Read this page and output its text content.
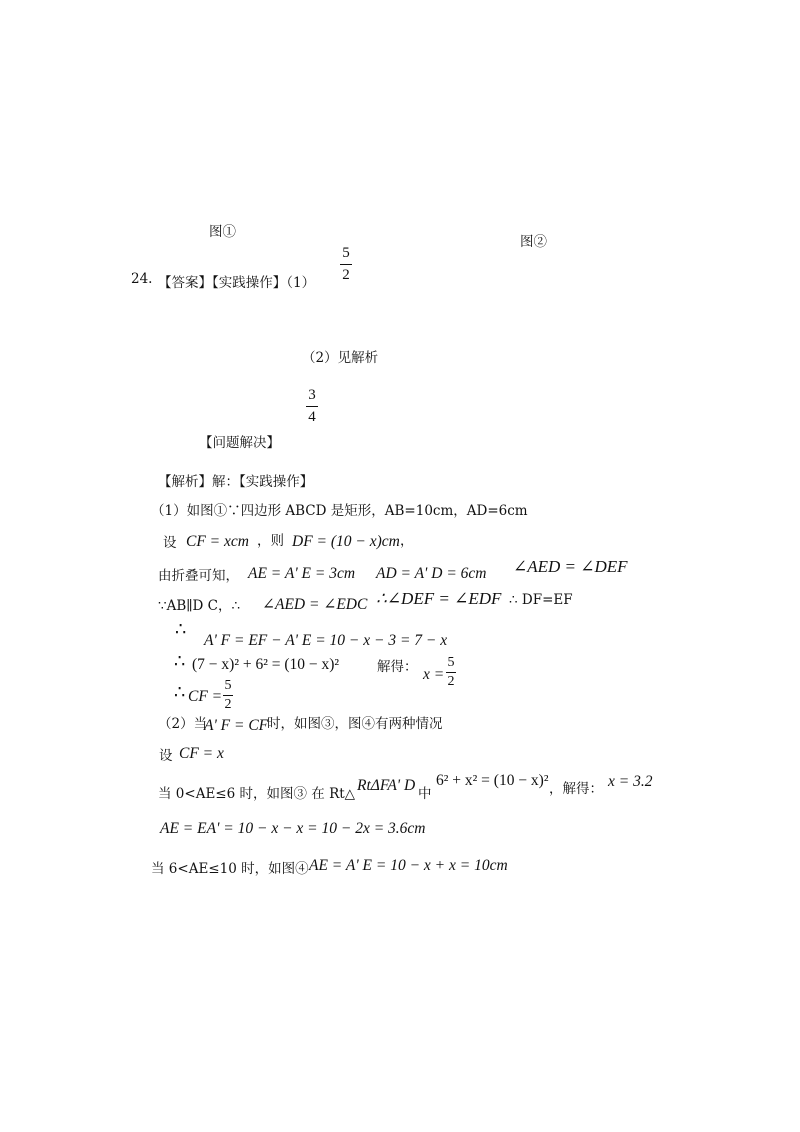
图①
图②
24. 【答案】【实践操作】（1）
5
2
（2）见解析
3
4
【问题解决】
【解析】解：【实践操作】
（1）如图①∵四边形 ABCD 是矩形，AB=10cm，AD=6cm
设 CF = xcm ，则 DF = (10 − x)cm ，
由折叠可知， AE = A' E = 3cm AD = A' D = 6cm ∠AED = ∠DEF
∵AB∥D C，∴ ∠AED = ∠EDC ∴∠DEF = ∠EDF ∴ DF=EF
∴
A' F = EF − A' E = 10 − x − 3 = 7 − x
∴ (7 − x)² + 6² = (10 − x)²	解得： x =
5
2
∴ CF =
5
2
（2）当
A' F = CF
时，如图③，图④有两种情况
设 CF = x
当 0<AE≤6 时，如图③ 在 Rt△ RtΔFA' D 中
6² + x² = (10 − x)² ，解得： x = 3.2
AE = EA' = 10 − x − x = 10 − 2x = 3.6cm
当 6<AE≤10 时，如图④ AE = A' E = 10 − x + x = 10cm
